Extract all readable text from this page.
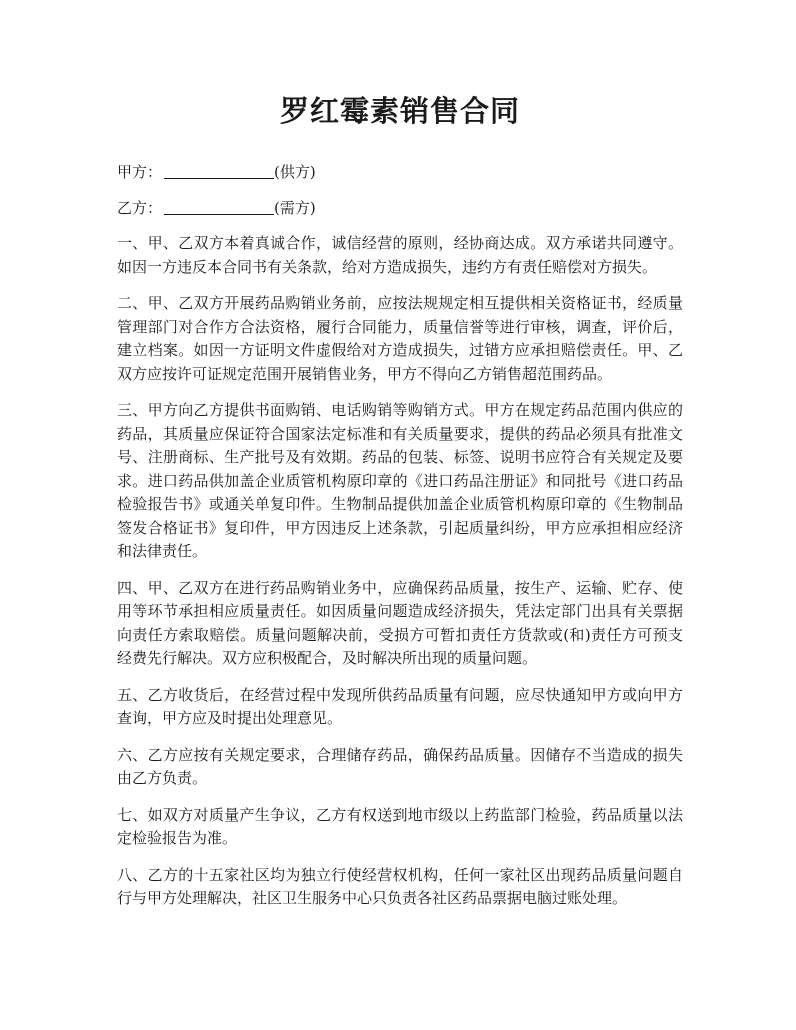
罗红霉素销售合同
甲方：	(供方)
乙方：	(需方)

一、甲、乙双方本着真诚合作，诚信经营的原则，经协商达成。双方承诺共同遵守。如因一方违反本合同书有关条款，给对方造成损失，违约方有责任赔偿对方损失。

二、甲、乙双方开展药品购销业务前，应按法规规定相互提供相关资格证书，经质量管理部门对合作方合法资格，履行合同能力，质量信誉等进行审核，调查，评价后，建立档案。如因一方证明文件虚假给对方造成损失，过错方应承担赔偿责任。甲、乙双方应按许可证规定范围开展销售业务，甲方不得向乙方销售超范围药品。

三、甲方向乙方提供书面购销、电话购销等购销方式。甲方在规定药品范围内供应的药品，其质量应保证符合国家法定标准和有关质量要求，提供的药品必须具有批准文号、注册商标、生产批号及有效期。药品的包装、标签、说明书应符合有关规定及要求。进口药品供加盖企业质管机构原印章的《进口药品注册证》和同批号《进口药品检验报告书》或通关单复印件。生物制品提供加盖企业质管机构原印章的《生物制品签发合格证书》复印件，甲方因违反上述条款，引起质量纠纷，甲方应承担相应经济和法律责任。

四、甲、乙双方在进行药品购销业务中，应确保药品质量，按生产、运输、贮存、使用等环节承担相应质量责任。如因质量问题造成经济损失，凭法定部门出具有关票据向责任方索取赔偿。质量问题解决前，受损方可暂扣责任方货款或(和)责任方可预支经费先行解决。双方应积极配合，及时解决所出现的质量问题。

五、乙方收货后，在经营过程中发现所供药品质量有问题，应尽快通知甲方或向甲方查询，甲方应及时提出处理意见。

六、乙方应按有关规定要求，合理储存药品，确保药品质量。因储存不当造成的损失由乙方负责。

七、如双方对质量产生争议，乙方有权送到地市级以上药监部门检验，药品质量以法定检验报告为准。

八、乙方的十五家社区均为独立行使经营权机构，任何一家社区出现药品质量问题自行与甲方处理解决，社区卫生服务中心只负责各社区药品票据电脑过账处理。
